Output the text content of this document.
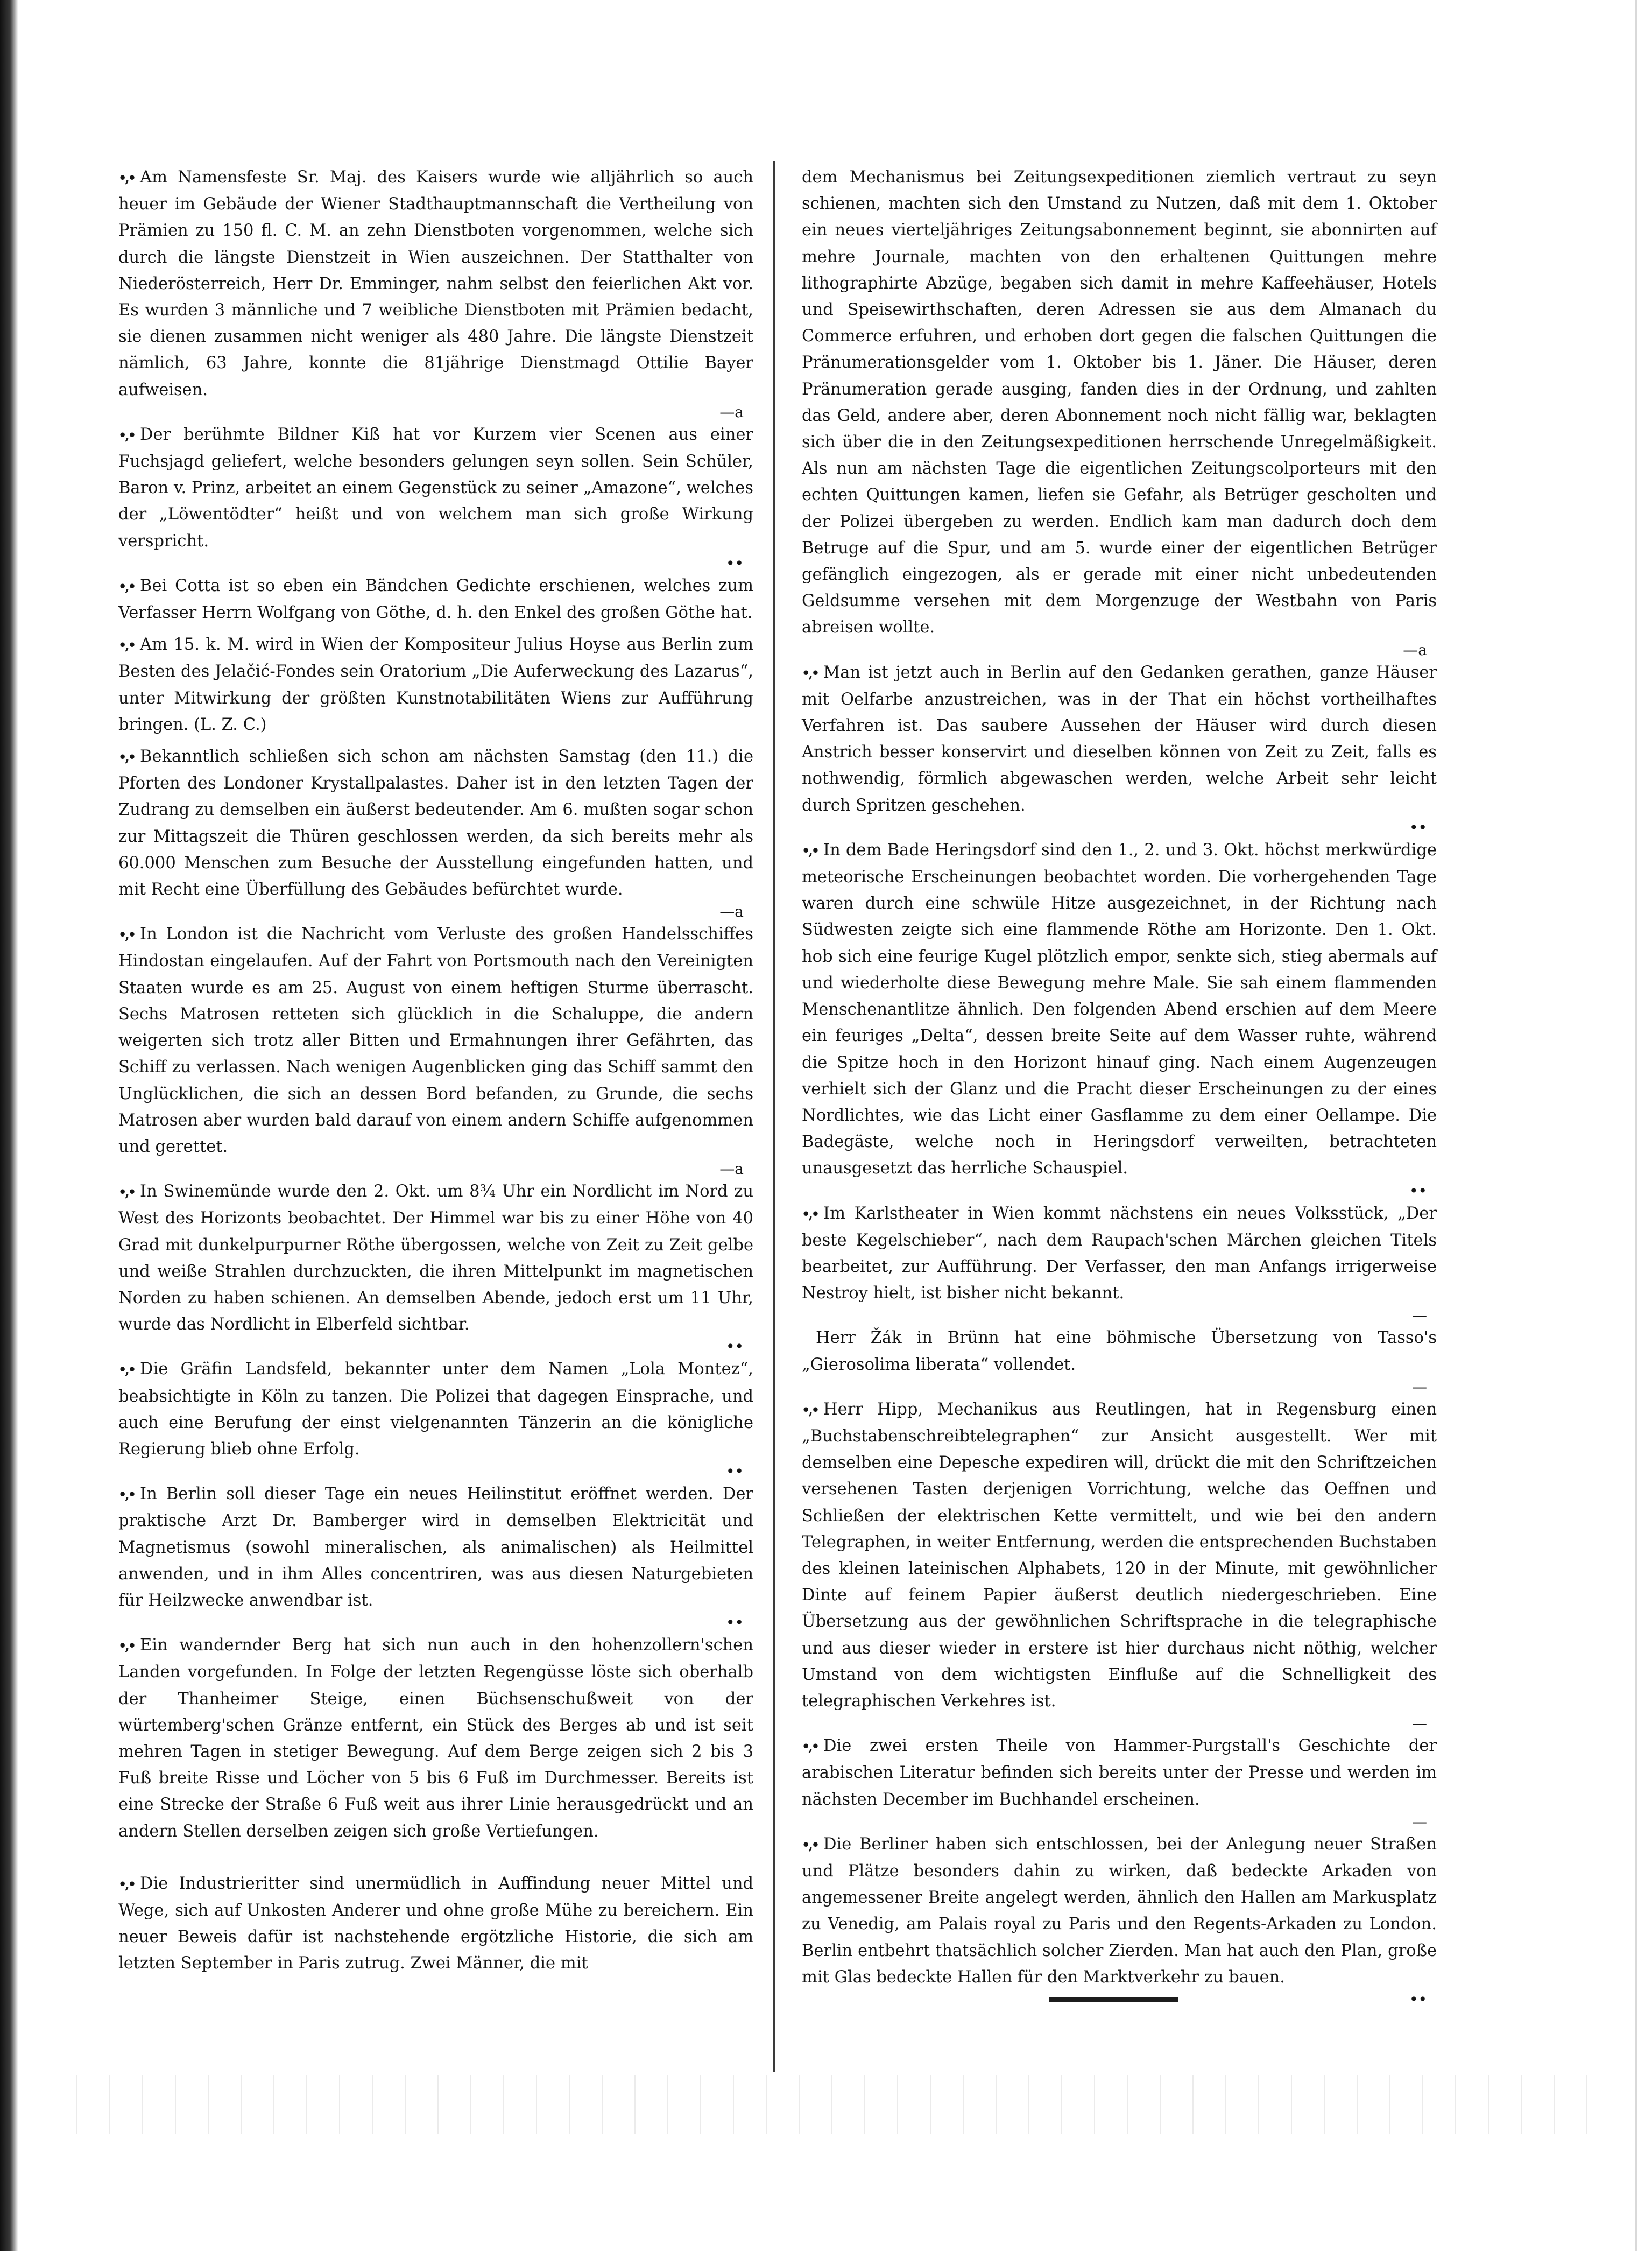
•,• Am Namensfeste Sr. Maj. des Kaisers wurde wie alljährlich so auch heuer im Gebäude der Wiener Stadthauptmannschaft die Vertheilung von Prämien zu 150 fl. C. M. an zehn Dienstboten vorgenommen, welche sich durch die längste Dienstzeit in Wien auszeichnen. Der Statthalter von Niederösterreich, Herr Dr. Emminger, nahm selbst den feierlichen Akt vor. Es wurden 3 männliche und 7 weibliche Dienstboten mit Prämien bedacht, sie dienen zusammen nicht weniger als 480 Jahre. Die längste Dienstzeit nämlich, 63 Jahre, konnte die 81jährige Dienstmagd Ottilie Bayer aufweisen.

—a

•,• Der berühmte Bildner Kiß hat vor Kurzem vier Scenen aus einer Fuchsjagd geliefert, welche besonders gelungen seyn sollen. Sein Schüler, Baron v. Prinz, arbeitet an einem Gegenstück zu seiner „Amazone“, welches der „Löwentödter“ heißt und von welchem man sich große Wirkung verspricht.

••

•,• Bei Cotta ist so eben ein Bändchen Gedichte erschienen, welches zum Verfasser Herrn Wolfgang von Göthe, d. h. den Enkel des großen Göthe hat.

•,• Am 15. k. M. wird in Wien der Kompositeur Julius Hoyse aus Berlin zum Besten des Jelačić-Fondes sein Oratorium „Die Auferweckung des Lazarus“, unter Mitwirkung der größten Kunstnotabilitäten Wiens zur Aufführung bringen. (L. Z. C.)

•,• Bekanntlich schließen sich schon am nächsten Samstag (den 11.) die Pforten des Londoner Krystallpalastes. Daher ist in den letzten Tagen der Zudrang zu demselben ein äußerst bedeutender. Am 6. mußten sogar schon zur Mittagszeit die Thüren geschlossen werden, da sich bereits mehr als 60.000 Menschen zum Besuche der Ausstellung eingefunden hatten, und mit Recht eine Überfüllung des Gebäudes befürchtet wurde.

—a

•,• In London ist die Nachricht vom Verluste des großen Handelsschiffes Hindostan eingelaufen. Auf der Fahrt von Portsmouth nach den Vereinigten Staaten wurde es am 25. August von einem heftigen Sturme überrascht. Sechs Matrosen retteten sich glücklich in die Schaluppe, die andern weigerten sich trotz aller Bitten und Ermahnungen ihrer Gefährten, das Schiff zu verlassen. Nach wenigen Augenblicken ging das Schiff sammt den Unglücklichen, die sich an dessen Bord befanden, zu Grunde, die sechs Matrosen aber wurden bald darauf von einem andern Schiffe aufgenommen und gerettet.

—a

•,• In Swinemünde wurde den 2. Okt. um 8¾ Uhr ein Nordlicht im Nord zu West des Horizonts beobachtet. Der Himmel war bis zu einer Höhe von 40 Grad mit dunkelpurpurner Röthe übergossen, welche von Zeit zu Zeit gelbe und weiße Strahlen durchzuckten, die ihren Mittelpunkt im magnetischen Norden zu haben schienen. An demselben Abende, jedoch erst um 11 Uhr, wurde das Nordlicht in Elberfeld sichtbar.

••

•,• Die Gräfin Landsfeld, bekannter unter dem Namen „Lola Montez“, beabsichtigte in Köln zu tanzen. Die Polizei that dagegen Einsprache, und auch eine Berufung der einst vielgenannten Tänzerin an die königliche Regierung blieb ohne Erfolg.

••

•,• In Berlin soll dieser Tage ein neues Heilinstitut eröffnet werden. Der praktische Arzt Dr. Bamberger wird in demselben Elektricität und Magnetismus (sowohl mineralischen, als animalischen) als Heilmittel anwenden, und in ihm Alles concentriren, was aus diesen Naturgebieten für Heilzwecke anwendbar ist.

••

•,• Ein wandernder Berg hat sich nun auch in den hohenzollern'schen Landen vorgefunden. In Folge der letzten Regengüsse löste sich oberhalb der Thanheimer Steige, einen Büchsenschußweit von der würtemberg'schen Gränze entfernt, ein Stück des Berges ab und ist seit mehren Tagen in stetiger Bewegung. Auf dem Berge zeigen sich 2 bis 3 Fuß breite Risse und Löcher von 5 bis 6 Fuß im Durchmesser. Bereits ist eine Strecke der Straße 6 Fuß weit aus ihrer Linie herausgedrückt und an andern Stellen derselben zeigen sich große Vertiefungen.

•,• Die Industrieritter sind unermüdlich in Auffindung neuer Mittel und Wege, sich auf Unkosten Anderer und ohne große Mühe zu bereichern. Ein neuer Beweis dafür ist nachstehende ergötzliche Historie, die sich am letzten September in Paris zutrug. Zwei Männer, die mit

dem Mechanismus bei Zeitungsexpeditionen ziemlich vertraut zu seyn schienen, machten sich den Umstand zu Nutzen, daß mit dem 1. Oktober ein neues vierteljähriges Zeitungsabonnement beginnt, sie abonnirten auf mehre Journale, machten von den erhaltenen Quittungen mehre lithographirte Abzüge, begaben sich damit in mehre Kaffeehäuser, Hotels und Speisewirthschaften, deren Adressen sie aus dem Almanach du Commerce erfuhren, und erhoben dort gegen die falschen Quittungen die Pränumerationsgelder vom 1. Oktober bis 1. Jäner. Die Häuser, deren Pränumeration gerade ausging, fanden dies in der Ordnung, und zahlten das Geld, andere aber, deren Abonnement noch nicht fällig war, beklagten sich über die in den Zeitungsexpeditionen herrschende Unregelmäßigkeit. Als nun am nächsten Tage die eigentlichen Zeitungscolporteurs mit den echten Quittungen kamen, liefen sie Gefahr, als Betrüger gescholten und der Polizei übergeben zu werden. Endlich kam man dadurch doch dem Betruge auf die Spur, und am 5. wurde einer der eigentlichen Betrüger gefänglich eingezogen, als er gerade mit einer nicht unbedeutenden Geldsumme versehen mit dem Morgenzuge der Westbahn von Paris abreisen wollte.

—a

•,• Man ist jetzt auch in Berlin auf den Gedanken gerathen, ganze Häuser mit Oelfarbe anzustreichen, was in der That ein höchst vortheilhaftes Verfahren ist. Das saubere Aussehen der Häuser wird durch diesen Anstrich besser konservirt und dieselben können von Zeit zu Zeit, falls es nothwendig, förmlich abgewaschen werden, welche Arbeit sehr leicht durch Spritzen geschehen.

••

•,• In dem Bade Heringsdorf sind den 1., 2. und 3. Okt. höchst merkwürdige meteorische Erscheinungen beobachtet worden. Die vorhergehenden Tage waren durch eine schwüle Hitze ausgezeichnet, in der Richtung nach Südwesten zeigte sich eine flammende Röthe am Horizonte. Den 1. Okt. hob sich eine feurige Kugel plötzlich empor, senkte sich, stieg abermals auf und wiederholte diese Bewegung mehre Male. Sie sah einem flammenden Menschenantlitze ähnlich. Den folgenden Abend erschien auf dem Meere ein feuriges „Delta“, dessen breite Seite auf dem Wasser ruhte, während die Spitze hoch in den Horizont hinauf ging. Nach einem Augenzeugen verhielt sich der Glanz und die Pracht dieser Erscheinungen zu der eines Nordlichtes, wie das Licht einer Gasflamme zu dem einer Oellampe. Die Badegäste, welche noch in Heringsdorf verweilten, betrachteten unausgesetzt das herrliche Schauspiel.

••

•,• Im Karlstheater in Wien kommt nächstens ein neues Volksstück, „Der beste Kegelschieber“, nach dem Raupach'schen Märchen gleichen Titels bearbeitet, zur Aufführung. Der Verfasser, den man Anfangs irrigerweise Nestroy hielt, ist bisher nicht bekannt.

—

Herr Žák in Brünn hat eine böhmische Übersetzung von Tasso's „Gierosolima liberata“ vollendet.

—

•,• Herr Hipp, Mechanikus aus Reutlingen, hat in Regensburg einen „Buchstabenschreibtelegraphen“ zur Ansicht ausgestellt. Wer mit demselben eine Depesche expediren will, drückt die mit den Schriftzeichen versehenen Tasten derjenigen Vorrichtung, welche das Oeffnen und Schließen der elektrischen Kette vermittelt, und wie bei den andern Telegraphen, in weiter Entfernung, werden die entsprechenden Buchstaben des kleinen lateinischen Alphabets, 120 in der Minute, mit gewöhnlicher Dinte auf feinem Papier äußerst deutlich niedergeschrieben. Eine Übersetzung aus der gewöhnlichen Schriftsprache in die telegraphische und aus dieser wieder in erstere ist hier durchaus nicht nöthig, welcher Umstand von dem wichtigsten Einfluße auf die Schnelligkeit des telegraphischen Verkehres ist.

—

•,• Die zwei ersten Theile von Hammer-Purgstall's Geschichte der arabischen Literatur befinden sich bereits unter der Presse und werden im nächsten December im Buchhandel erscheinen.

—

•,• Die Berliner haben sich entschlossen, bei der Anlegung neuer Straßen und Plätze besonders dahin zu wirken, daß bedeckte Arkaden von angemessener Breite angelegt werden, ähnlich den Hallen am Markusplatz zu Venedig, am Palais royal zu Paris und den Regents-Arkaden zu London. Berlin entbehrt thatsächlich solcher Zierden. Man hat auch den Plan, große mit Glas bedeckte Hallen für den Marktverkehr zu bauen.

••
